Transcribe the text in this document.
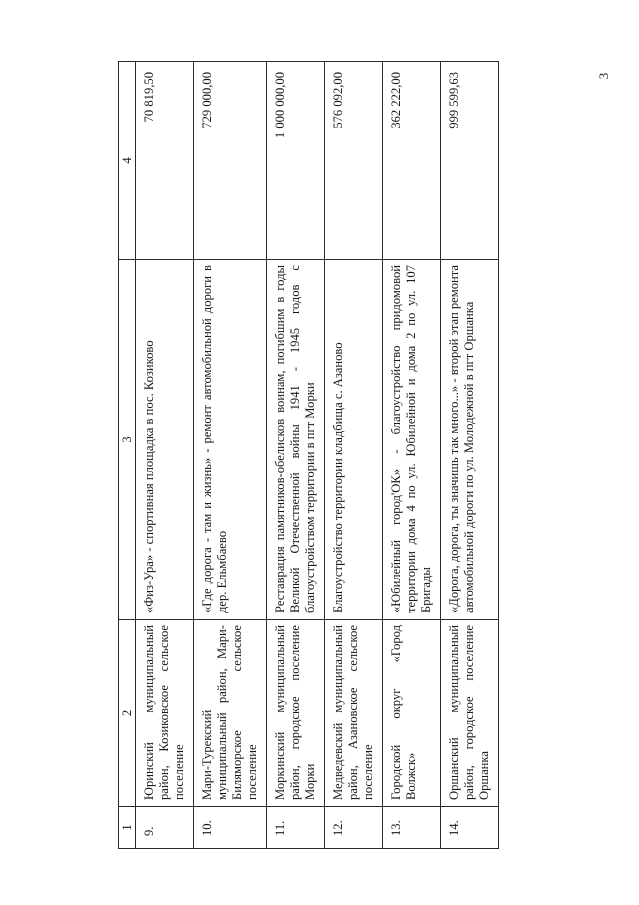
3
1	2	3	4
9.	Юринский муниципальный район, Козиковское сельское поселение	«Физ-Ура» - спортивная площадка в пос. Козиково	70 819,50
10.	Мари-Турекский муниципальный район, Мари-Биляморское сельское поселение	«Где дорога - там и жизнь» - ремонт автомобильной дороги в дер. Ельмбаево	729 000,00
11.	Моркинский муниципальный район, городское поселение Морки	Реставрация памятников-обелисков воинам, погибшим в годы Великой Отечественной войны 1941 - 1945 годов с благоустройством территории в пгт Морки	1 000 000,00
12.	Медведевский муниципальный район, Азановское сельское поселение	Благоустройство территории кладбища с. Азаново	576 092,00
13.	Городской округ «Город Волжск»	«Юбилейный город'ОК» - благоустройство придомовой территории дома 4 по ул. Юбилейной и дома 2 по ул. 107 Бригады	362 222,00
14.	Оршанский муниципальный район, городское поселение Оршанка	«Дорога, дорога, ты значишь так много...» - второй этап ремонта автомобильной дороги по ул. Молодежной в пгт Оршанка	999 599,63
